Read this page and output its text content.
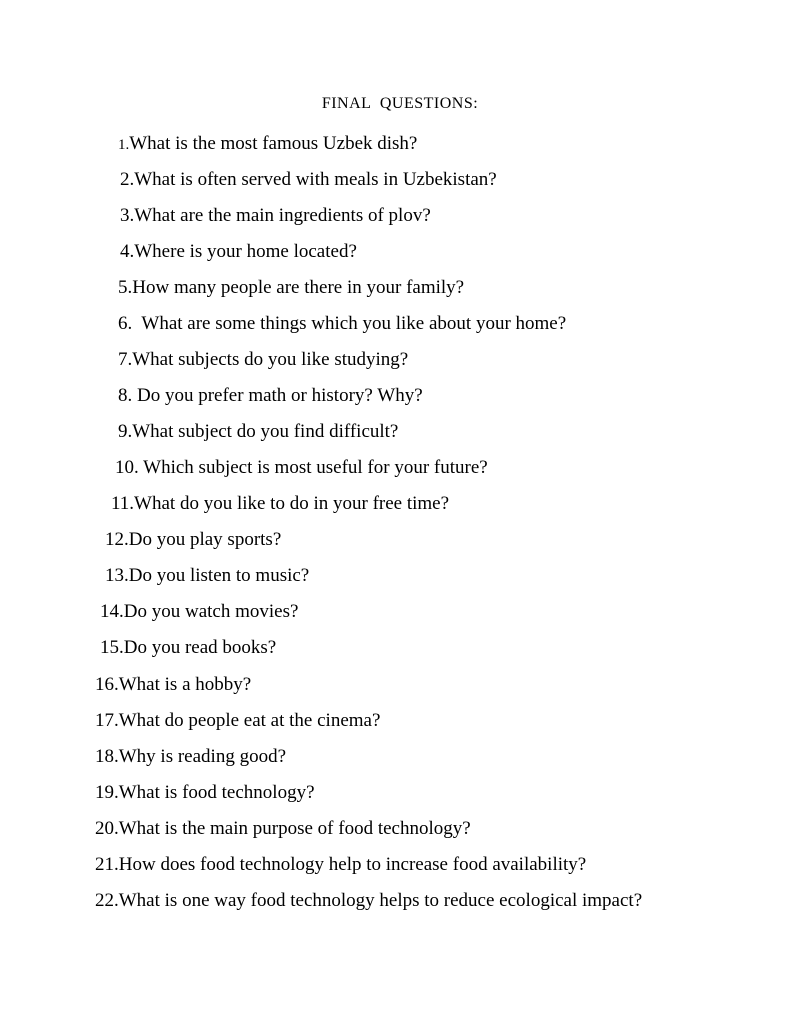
FINAL  QUESTIONS:
1.What is the most famous Uzbek dish?
2.What is often served with meals in Uzbekistan?
3.What are the main ingredients of plov?
4.Where is your home located?
5.How many people are there in your family?
6.  What are some things which you like about your home?
7.What subjects do you like studying?
8. Do you prefer math or history? Why?
9.What subject do you find difficult?
10. Which subject is most useful for your future?
11.What do you like to do in your free time?
12.Do you play sports?
13.Do you listen to music?
14.Do you watch movies?
15.Do you read books?
16.What is a hobby?
17.What do people eat at the cinema?
18.Why is reading good?
19.What is food technology?
20.What is the main purpose of food technology?
21.How does food technology help to increase food availability?
22.What is one way food technology helps to reduce ecological impact?
